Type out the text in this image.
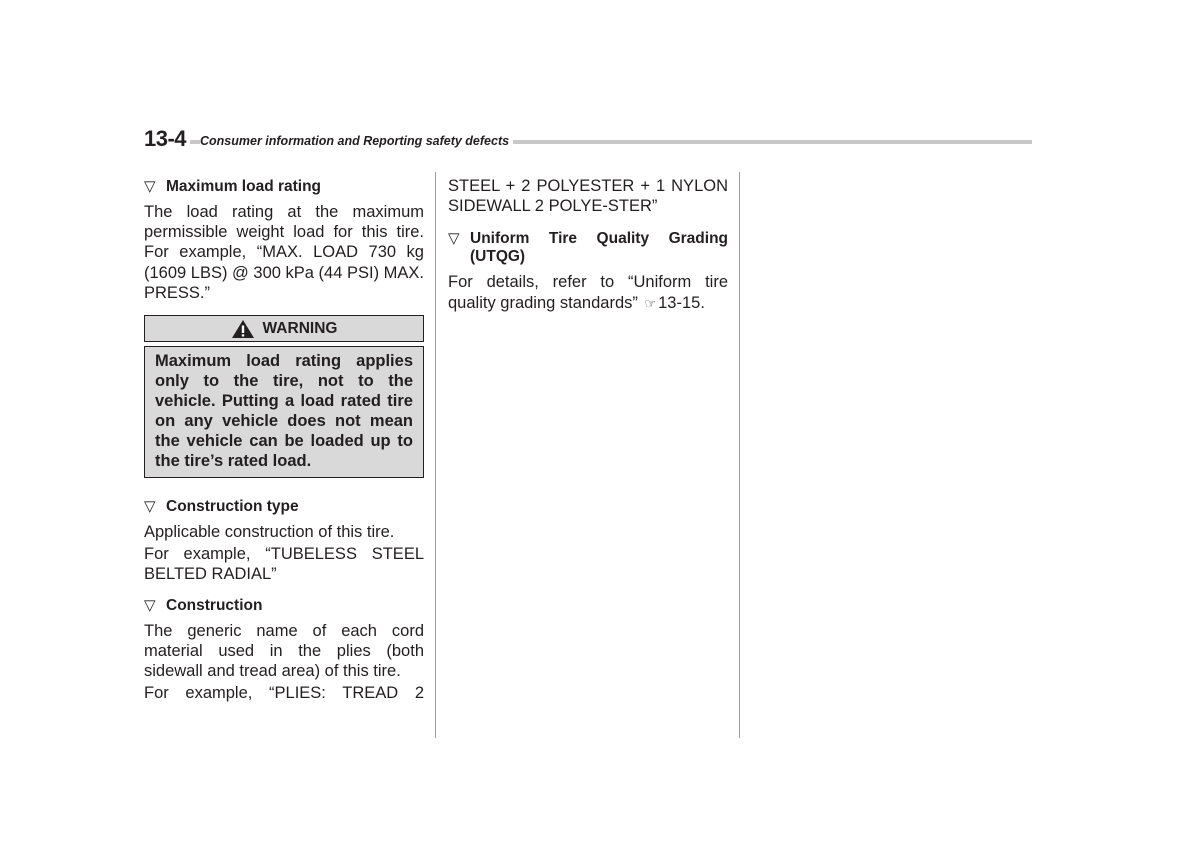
13-4	Consumer information and Reporting safety defects
▽ Maximum load rating

The load rating at the maximum permissible weight load for this tire. For example, “MAX. LOAD 730 kg (1609 LBS) @ 300 kPa (44 PSI) MAX. PRESS.”

WARNING
Maximum load rating applies only to the tire, not to the vehicle. Putting a load rated tire on any vehicle does not mean the vehicle can be loaded up to the tire’s rated load.
▽ Construction type

Applicable construction of this tire.

For example, “TUBELESS STEEL BELTED RADIAL”

▽ Construction

The generic name of each cord material used in the plies (both sidewall and tread area) of this tire.

For example, “PLIES: TREAD 2

STEEL + 2 POLYESTER + 1 NYLON SIDEWALL 2 POLYE-STER”

▽ Uniform Tire Quality Grading (UTQG)

For details, refer to “Uniform tire quality grading standards” ☞ 13-15.
